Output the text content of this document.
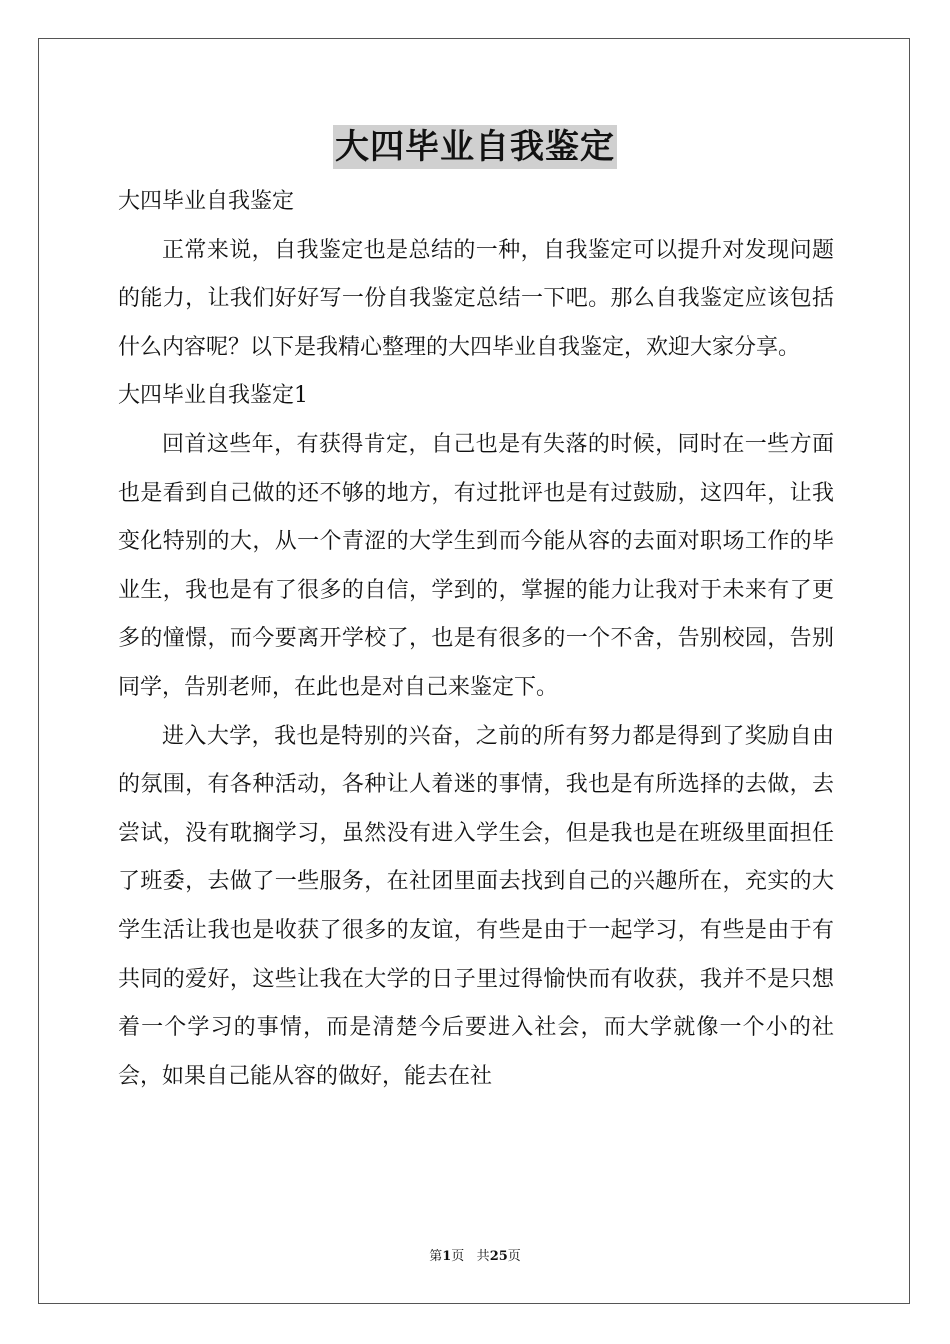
大四毕业自我鉴定
大四毕业自我鉴定

正常来说，自我鉴定也是总结的一种，自我鉴定可以提升对发现问题的能力，让我们好好写一份自我鉴定总结一下吧。那么自我鉴定应该包括什么内容呢？以下是我精心整理的大四毕业自我鉴定，欢迎大家分享。

大四毕业自我鉴定1

回首这些年，有获得肯定，自己也是有失落的时候，同时在一些方面也是看到自己做的还不够的地方，有过批评也是有过鼓励，这四年，让我变化特别的大，从一个青涩的大学生到而今能从容的去面对职场工作的毕业生，我也是有了很多的自信，学到的，掌握的能力让我对于未来有了更多的憧憬，而今要离开学校了，也是有很多的一个不舍，告别校园，告别同学，告别老师，在此也是对自己来鉴定下。

进入大学，我也是特别的兴奋，之前的所有努力都是得到了奖励自由的氛围，有各种活动，各种让人着迷的事情，我也是有所选择的去做，去尝试，没有耽搁学习，虽然没有进入学生会，但是我也是在班级里面担任了班委，去做了一些服务，在社团里面去找到自己的兴趣所在，充实的大学生活让我也是收获了很多的友谊，有些是由于一起学习，有些是由于有共同的爱好，这些让我在大学的日子里过得愉快而有收获，我并不是只想着一个学习的事情，而是清楚今后要进入社会，而大学就像一个小的社会，如果自己能从容的做好，能去在社

第1页 共25页
